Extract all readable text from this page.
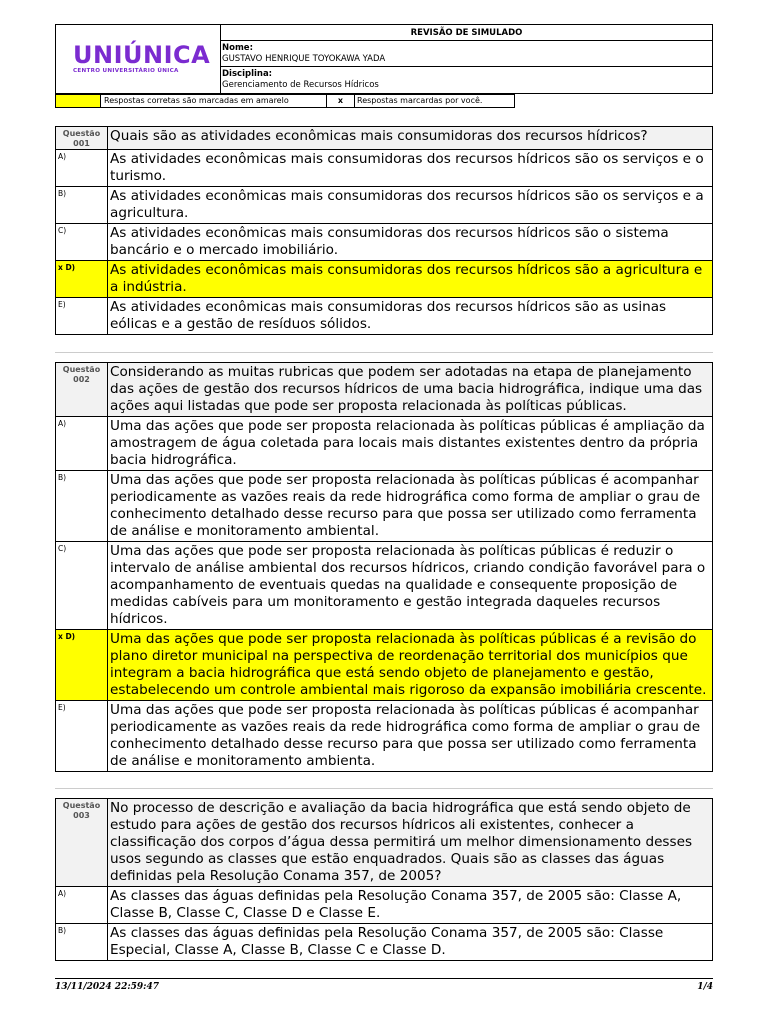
UNIÚNICA
CENTRO UNIVERSITÁRIO ÚNICA
REVISÃO DE SIMULADO
Nome:
GUSTAVO HENRIQUE TOYOKAWA YADA
Disciplina:
Gerenciamento de Recursos Hídricos
Respostas corretas são marcadas em amarelo	x	Respostas marcardas por você.
Questão
001	Quais são as atividades econômicas mais consumidoras dos recursos hídricos?
A)	As atividades econômicas mais consumidoras dos recursos hídricos são os serviços e o turismo.
B)	As atividades econômicas mais consumidoras dos recursos hídricos são os serviços e a agricultura.
C)	As atividades econômicas mais consumidoras dos recursos hídricos são o sistema bancário e o mercado imobiliário.
x D)	As atividades econômicas mais consumidoras dos recursos hídricos são a agricultura e a indústria.
E)	As atividades econômicas mais consumidoras dos recursos hídricos são as usinas eólicas e a gestão de resíduos sólidos.
Questão
002	Considerando as muitas rubricas que podem ser adotadas na etapa de planejamento das ações de gestão dos recursos hídricos de uma bacia hidrográfica, indique uma das ações aqui listadas que pode ser proposta relacionada às políticas públicas.
A)	Uma das ações que pode ser proposta relacionada às políticas públicas é ampliação da amostragem de água coletada para locais mais distantes existentes dentro da própria bacia hidrográfica.
B)	Uma das ações que pode ser proposta relacionada às políticas públicas é acompanhar periodicamente as vazões reais da rede hidrográfica como forma de ampliar o grau de conhecimento detalhado desse recurso para que possa ser utilizado como ferramenta de análise e monitoramento ambiental.
C)	Uma das ações que pode ser proposta relacionada às políticas públicas é reduzir o intervalo de análise ambiental dos recursos hídricos, criando condição favorável para o acompanhamento de eventuais quedas na qualidade e consequente proposição de medidas cabíveis para um monitoramento e gestão integrada daqueles recursos hídricos.
x D)	Uma das ações que pode ser proposta relacionada às políticas públicas é a revisão do plano diretor municipal na perspectiva de reordenação territorial dos municípios que integram a bacia hidrográfica que está sendo objeto de planejamento e gestão, estabelecendo um controle ambiental mais rigoroso da expansão imobiliária crescente.
E)	Uma das ações que pode ser proposta relacionada às políticas públicas é acompanhar periodicamente as vazões reais da rede hidrográfica como forma de ampliar o grau de conhecimento detalhado desse recurso para que possa ser utilizado como ferramenta de análise e monitoramento ambienta.
Questão
003	No processo de descrição e avaliação da bacia hidrográfica que está sendo objeto de estudo para ações de gestão dos recursos hídricos ali existentes, conhecer a classificação dos corpos d’água dessa permitirá um melhor dimensionamento desses usos segundo as classes que estão enquadrados. Quais são as classes das águas definidas pela Resolução Conama 357, de 2005?
A)	As classes das águas definidas pela Resolução Conama 357, de 2005 são: Classe A, Classe B, Classe C, Classe D e Classe E.
B)	As classes das águas definidas pela Resolução Conama 357, de 2005 são: Classe Especial, Classe A, Classe B, Classe C e Classe D.
13/11/2024 22:59:47	1/4
